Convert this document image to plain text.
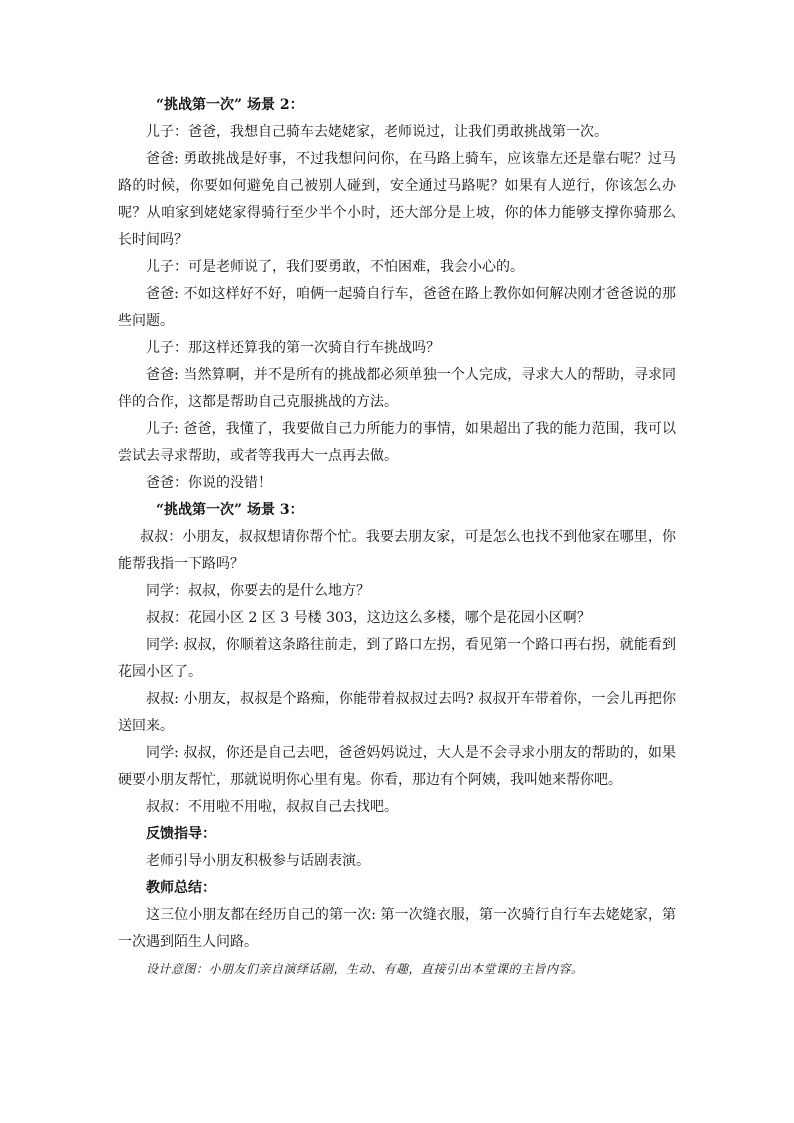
“挑战第一次” 场景 2：

儿子：爸爸，我想自己骑车去姥姥家，老师说过，让我们勇敢挑战第一次。

爸爸: 勇敢挑战是好事，不过我想问问你，在马路上骑车，应该靠左还是靠右呢？过马路的时候，你要如何避免自己被别人碰到，安全通过马路呢？如果有人逆行，你该怎么办呢？从咱家到姥姥家得骑行至少半个小时，还大部分是上坡，你的体力能够支撑你骑那么长时间吗？

儿子：可是老师说了，我们要勇敢，不怕困难，我会小心的。

爸爸: 不如这样好不好，咱俩一起骑自行车，爸爸在路上教你如何解决刚才爸爸说的那些问题。

儿子：那这样还算我的第一次骑自行车挑战吗？

爸爸: 当然算啊，并不是所有的挑战都必须单独一个人完成，寻求大人的帮助，寻求同伴的合作，这都是帮助自己克服挑战的方法。

儿子: 爸爸，我懂了，我要做自己力所能力的事情，如果超出了我的能力范围，我可以尝试去寻求帮助，或者等我再大一点再去做。

爸爸：你说的没错！

“挑战第一次” 场景 3：

叔叔：小朋友，叔叔想请你帮个忙。我要去朋友家，可是怎么也找不到他家在哪里，你能帮我指一下路吗？

同学：叔叔，你要去的是什么地方？

叔叔：花园小区 2 区 3 号楼 303，这边这么多楼，哪个是花园小区啊？

同学: 叔叔，你顺着这条路往前走，到了路口左拐，看见第一个路口再右拐，就能看到花园小区了。

叔叔: 小朋友，叔叔是个路痴，你能带着叔叔过去吗? 叔叔开车带着你，一会儿再把你送回来。

同学: 叔叔，你还是自己去吧，爸爸妈妈说过，大人是不会寻求小朋友的帮助的，如果硬要小朋友帮忙，那就说明你心里有鬼。你看，那边有个阿姨，我叫她来帮你吧。

叔叔：不用啦不用啦，叔叔自己去找吧。

反馈指导：

老师引导小朋友积极参与话剧表演。

教师总结：

这三位小朋友都在经历自己的第一次: 第一次缝衣服，第一次骑行自行车去姥姥家，第一次遇到陌生人问路。

设计意图：小朋友们亲自演绎话剧，生动、有趣，直接引出本堂课的主旨内容。
